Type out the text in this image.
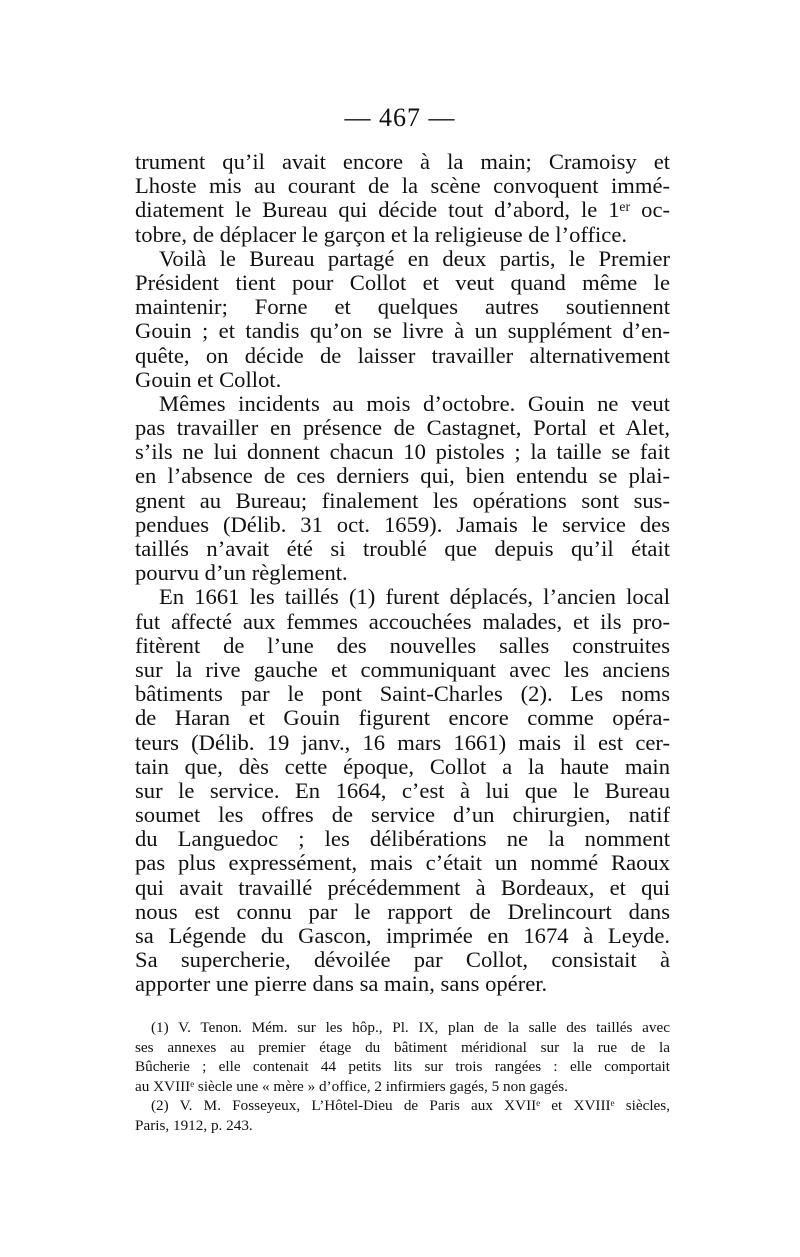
— 467 —
trument qu’il avait encore à la main; Cramoisy et
Lhoste mis au courant de la scène convoquent immé-
diatement le Bureau qui décide tout d’abord, le 1ᵉʳ oc-
tobre, de déplacer le garçon et la religieuse de l’office.
Voilà le Bureau partagé en deux partis, le Premier
Président tient pour Collot et veut quand même le
maintenir; Forne et quelques autres soutiennent
Gouin ; et tandis qu’on se livre à un supplément d’en-
quête, on décide de laisser travailler alternativement
Gouin et Collot.
Mêmes incidents au mois d’octobre. Gouin ne veut
pas travailler en présence de Castagnet, Portal et Alet,
s’ils ne lui donnent chacun 10 pistoles ; la taille se fait
en l’absence de ces derniers qui, bien entendu se plai-
gnent au Bureau; finalement les opérations sont sus-
pendues (Délib. 31 oct. 1659). Jamais le service des
taillés n’avait été si troublé que depuis qu’il était
pourvu d’un règlement.
En 1661 les taillés (1) furent déplacés, l’ancien local
fut affecté aux femmes accouchées malades, et ils pro-
fitèrent de l’une des nouvelles salles construites
sur la rive gauche et communiquant avec les anciens
bâtiments par le pont Saint-Charles (2). Les noms
de Haran et Gouin figurent encore comme opéra-
teurs (Délib. 19 janv., 16 mars 1661) mais il est cer-
tain que, dès cette époque, Collot a la haute main
sur le service. En 1664, c’est à lui que le Bureau
soumet les offres de service d’un chirurgien, natif
du Languedoc ; les délibérations ne la nomment
pas plus expressément, mais c’était un nommé Raoux
qui avait travaillé précédemment à Bordeaux, et qui
nous est connu par le rapport de Drelincourt dans
sa Légende du Gascon, imprimée en 1674 à Leyde.
Sa supercherie, dévoilée par Collot, consistait à
apporter une pierre dans sa main, sans opérer.
(1) V. Tenon. Mém. sur les hôp., Pl. IX, plan de la salle des taillés avec
ses annexes au premier étage du bâtiment méridional sur la rue de la
Bûcherie ; elle contenait 44 petits lits sur trois rangées : elle comportait
au XVIIIᵉ siècle une « mère » d’office, 2 infirmiers gagés, 5 non gagés.
(2) V. M. Fosseyeux, L’Hôtel-Dieu de Paris aux XVIIᵉ et XVIIIᵉ siècles,
Paris, 1912, p. 243.
